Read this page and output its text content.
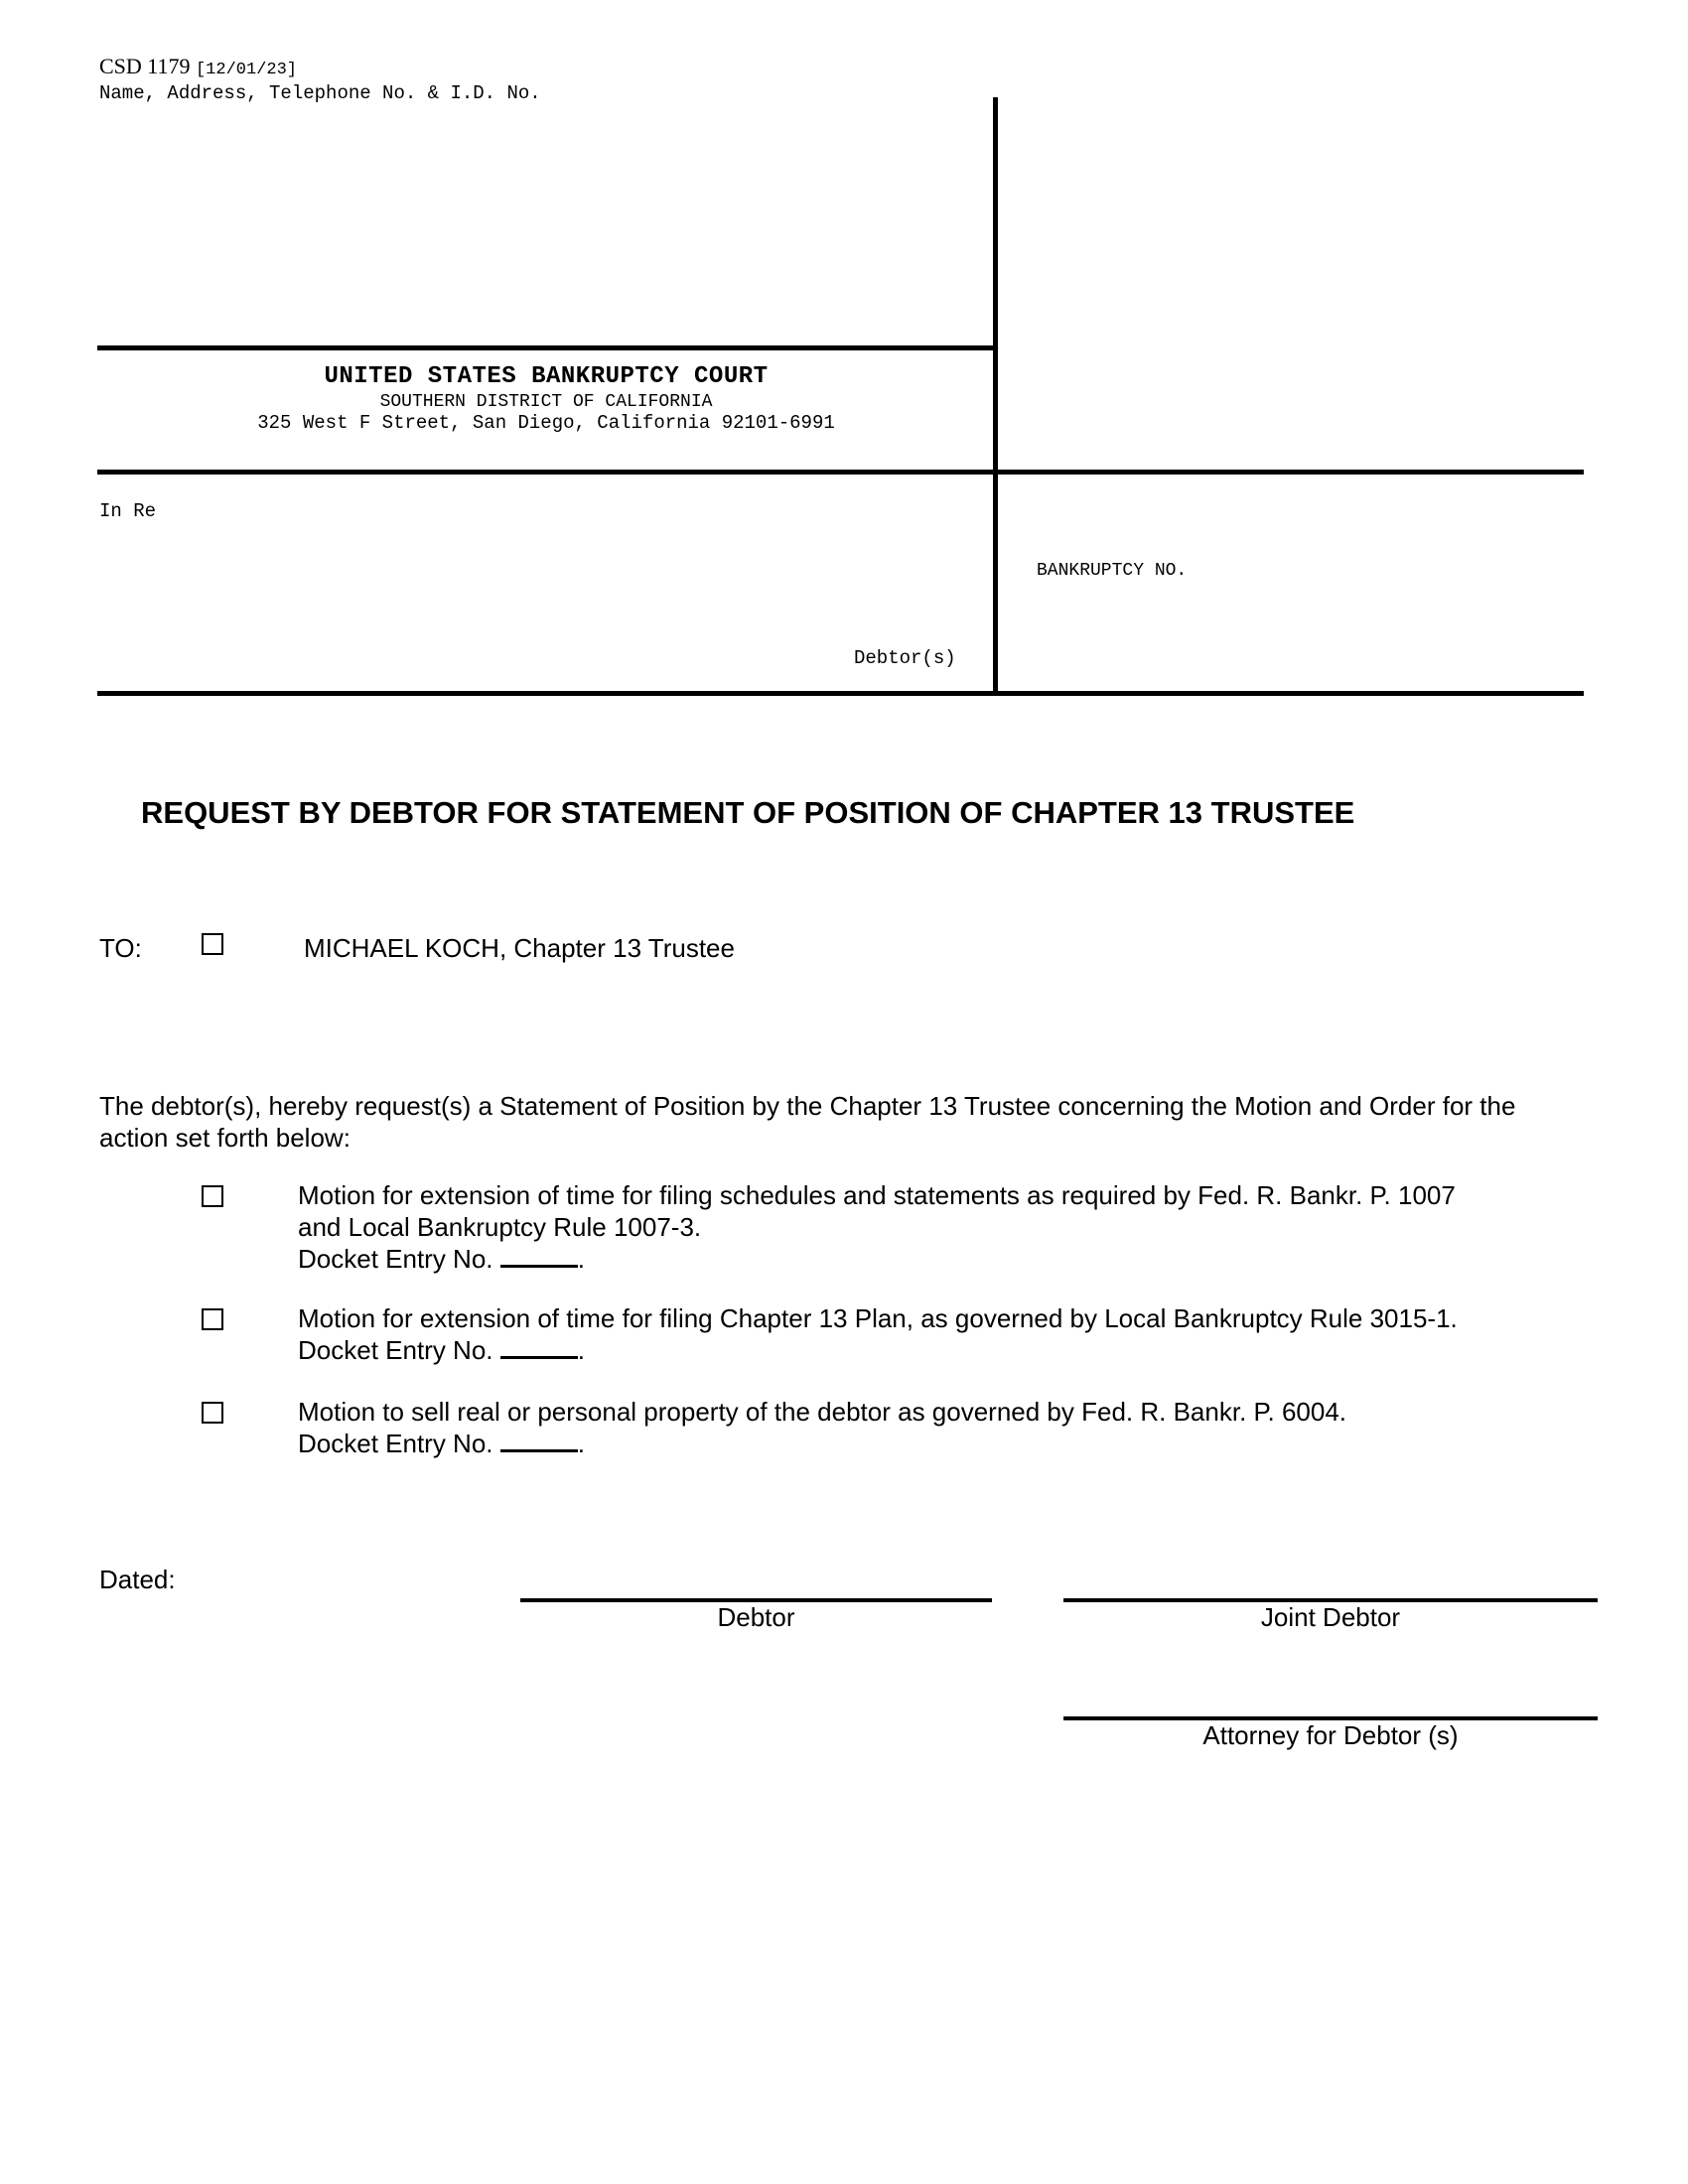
CSD 1179 [12/01/23]
Name, Address, Telephone No. & I.D. No.
UNITED STATES BANKRUPTCY COURT
SOUTHERN DISTRICT OF CALIFORNIA
325 West F Street, San Diego, California 92101-6991
In Re
Debtor(s)
BANKRUPTCY NO.
REQUEST BY DEBTOR FOR STATEMENT OF POSITION OF CHAPTER 13 TRUSTEE
TO:	MICHAEL KOCH, Chapter 13 Trustee
The debtor(s), hereby request(s) a Statement of Position by the Chapter 13 Trustee concerning the Motion and Order for the action set forth below:
Motion for extension of time for filing schedules and statements as required by Fed. R. Bankr. P. 1007
and Local Bankruptcy Rule 1007-3.
Docket Entry No.	.
Motion for extension of time for filing Chapter 13 Plan, as governed by Local Bankruptcy Rule 3015-1.
Docket Entry No.	.
Motion to sell real or personal property of the debtor as governed by Fed. R. Bankr. P. 6004.
Docket Entry No.	.
Dated:
Debtor	Joint Debtor
Attorney for Debtor (s)
